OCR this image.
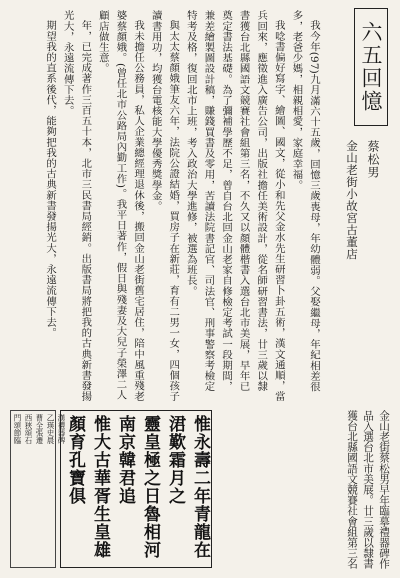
六五回憶
蔡松男
金山老街小故宮古董店

我今年(97)九月滿六十五歲，回憶三歲喪母，年幼體弱。父娶繼母，年紀相差很多，老爸少媽，相親相愛，家庭幸福。

我唸書偏好寫字、繪圖、國文，從小和先父金水先生研習卜卦五術，漢文通順，當兵回來，應徵進入廣告公司，出版社擔任美術設計，從名師研習書法，廿三歲以隸書獲台北縣國語文競賽社會組第三名，不久又以顏體楷書入選台北市美展，早年已奠定書法基礎。為了彌補學歷不足，曾自台北回金山老家自修檢定考試一段期間，兼差繪製圖設計稿，賺錢買書及零用，苦讀法院書記官、司法官、刑事警察考檢定特考及格，復回北市上班，考入政治大學進修，被選為班長。

與太太蔡顏娥筆友六年，法院公證結婚，買房子在新莊，育有二男一女，四個孩子讀書用功，均獲台電核能大學優秀獎學金。

我未擔任公務員，私人企業總經理退休後，搬回金山老街舊宅居住，陪中風重殘老婆蔡顏娥。(曾任北市公路局內勤工作)。我平日著作，假日與殘妻及大兒子榮澤二人顧店做生意。

年，已完成著作三百五十本，北市三民書局經銷。出版書局將把我的古典新書發揚光大，永遠流傳下去。

期望我的直系後代，能夠把我的古典新書發揚光大，永遠流傳下去。

金山老街蔡松男早年臨摹禮器碑作品入選台北市美展。廿三歲以隸書獲台北縣國語文競賽社會組第三名
惟永壽二年青龍在涒歎霜月之
靈皇極之日魯相河南京韓君追
惟大古華胥生皇雄顏育孔寶俱
漢禮器碑
乙瑛史晨
曹全張遷
西狹頌石
門頌節臨
